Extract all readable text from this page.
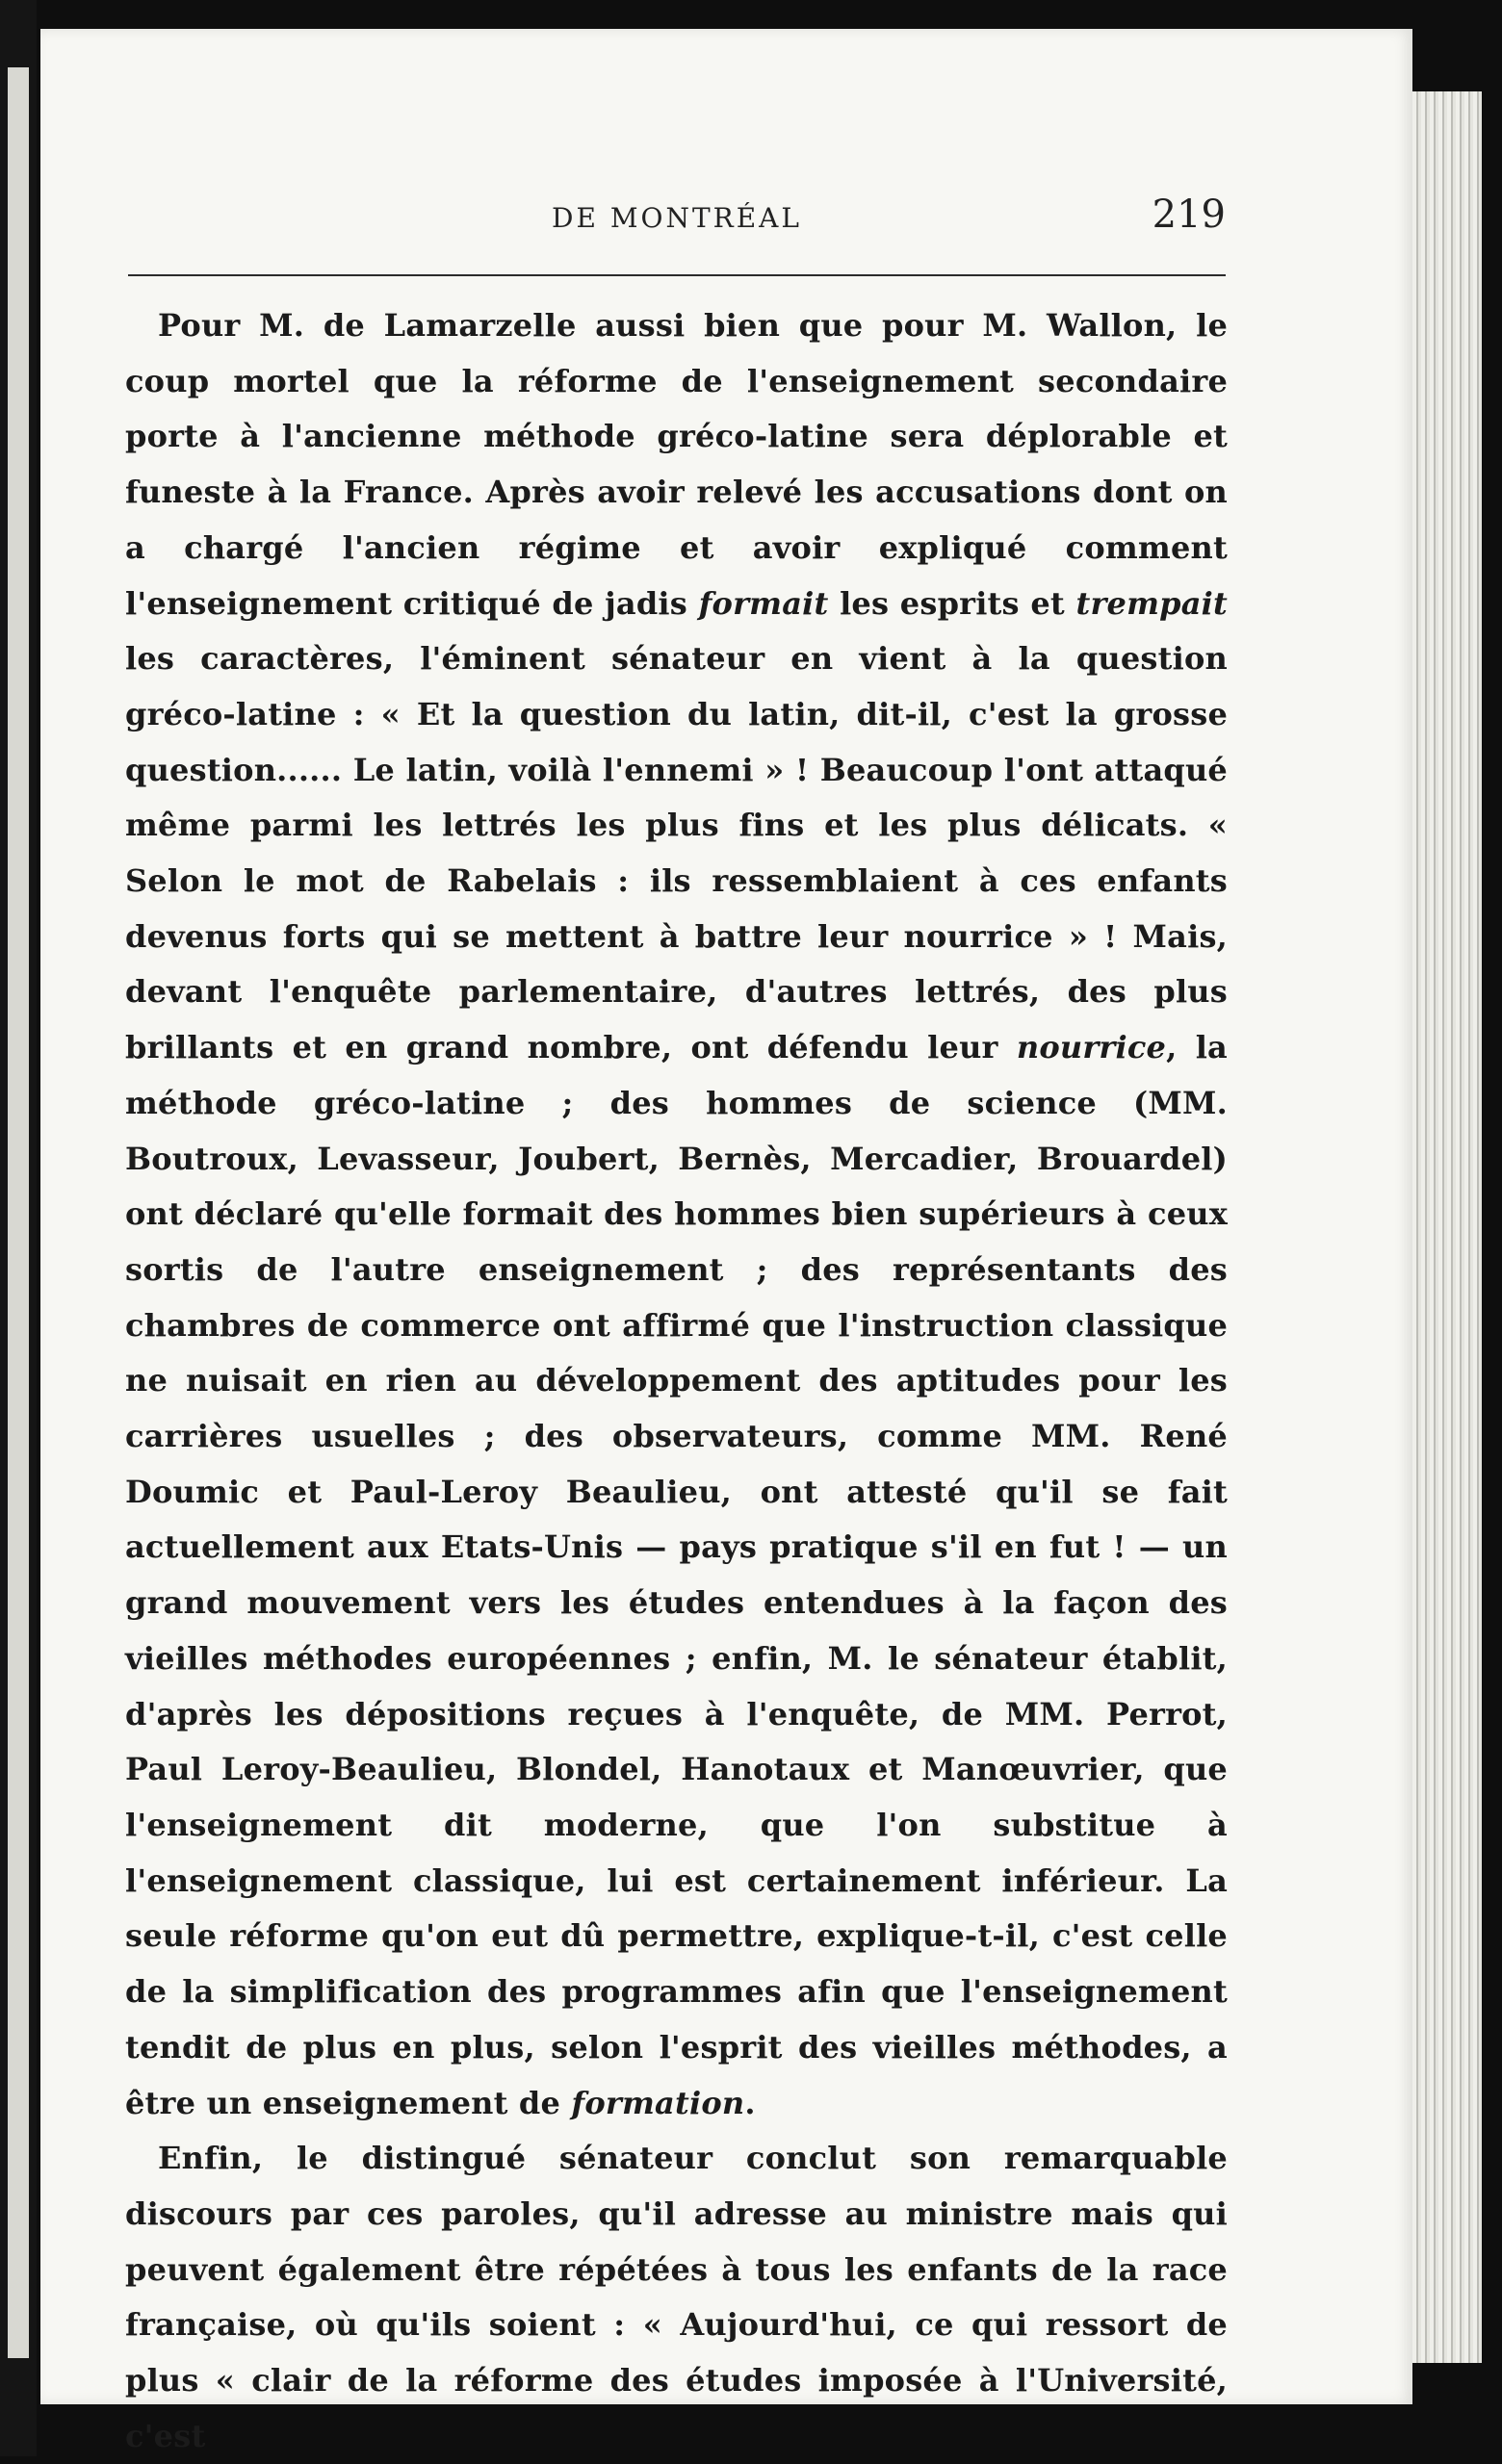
DE MONTRÉAL	219

Pour M. de Lamarzelle aussi bien que pour M. Wallon, le coup mortel que la réforme de l'enseignement secondaire porte à l'ancienne méthode gréco-latine sera déplorable et funeste à la France. Après avoir relevé les accusations dont on a chargé l'ancien régime et avoir expliqué comment l'enseignement critiqué de jadis formait les esprits et trempait les caractères, l'éminent sénateur en vient à la question gréco-latine : « Et la question du latin, dit-il, c'est la grosse question...... Le latin, voilà l'ennemi » ! Beaucoup l'ont attaqué même parmi les lettrés les plus fins et les plus délicats. « Selon le mot de Rabelais : ils ressemblaient à ces enfants devenus forts qui se mettent à battre leur nourrice » ! Mais, devant l'enquête parlementaire, d'autres lettrés, des plus brillants et en grand nombre, ont défendu leur nourrice, la méthode gréco-latine ; des hommes de science (MM. Boutroux, Levasseur, Joubert, Bernès, Mercadier, Brouardel) ont déclaré qu'elle formait des hommes bien supérieurs à ceux sortis de l'autre enseignement ; des représentants des chambres de commerce ont affirmé que l'instruction classique ne nuisait en rien au développement des aptitudes pour les carrières usuelles ; des observateurs, comme MM. René Doumic et Paul-Leroy Beaulieu, ont attesté qu'il se fait actuellement aux Etats-Unis — pays pratique s'il en fut ! — un grand mouvement vers les études entendues à la façon des vieilles méthodes européennes ; enfin, M. le sénateur établit, d'après les dépositions reçues à l'enquête, de MM. Perrot, Paul Leroy-Beaulieu, Blondel, Hanotaux et Manœuvrier, que l'enseignement dit moderne, que l'on substitue à l'enseignement classique, lui est certainement inférieur. La seule réforme qu'on eut dû permettre, explique-t-il, c'est celle de la simplification des programmes afin que l'enseignement tendit de plus en plus, selon l'esprit des vieilles méthodes, a être un enseignement de formation.

Enfin, le distingué sénateur conclut son remarquable discours par ces paroles, qu'il adresse au ministre mais qui peuvent également être répétées à tous les enfants de la race française, où qu'ils soient : « Aujourd'hui, ce qui ressort de plus « clair de la réforme des études imposée à l'Université, c'est
